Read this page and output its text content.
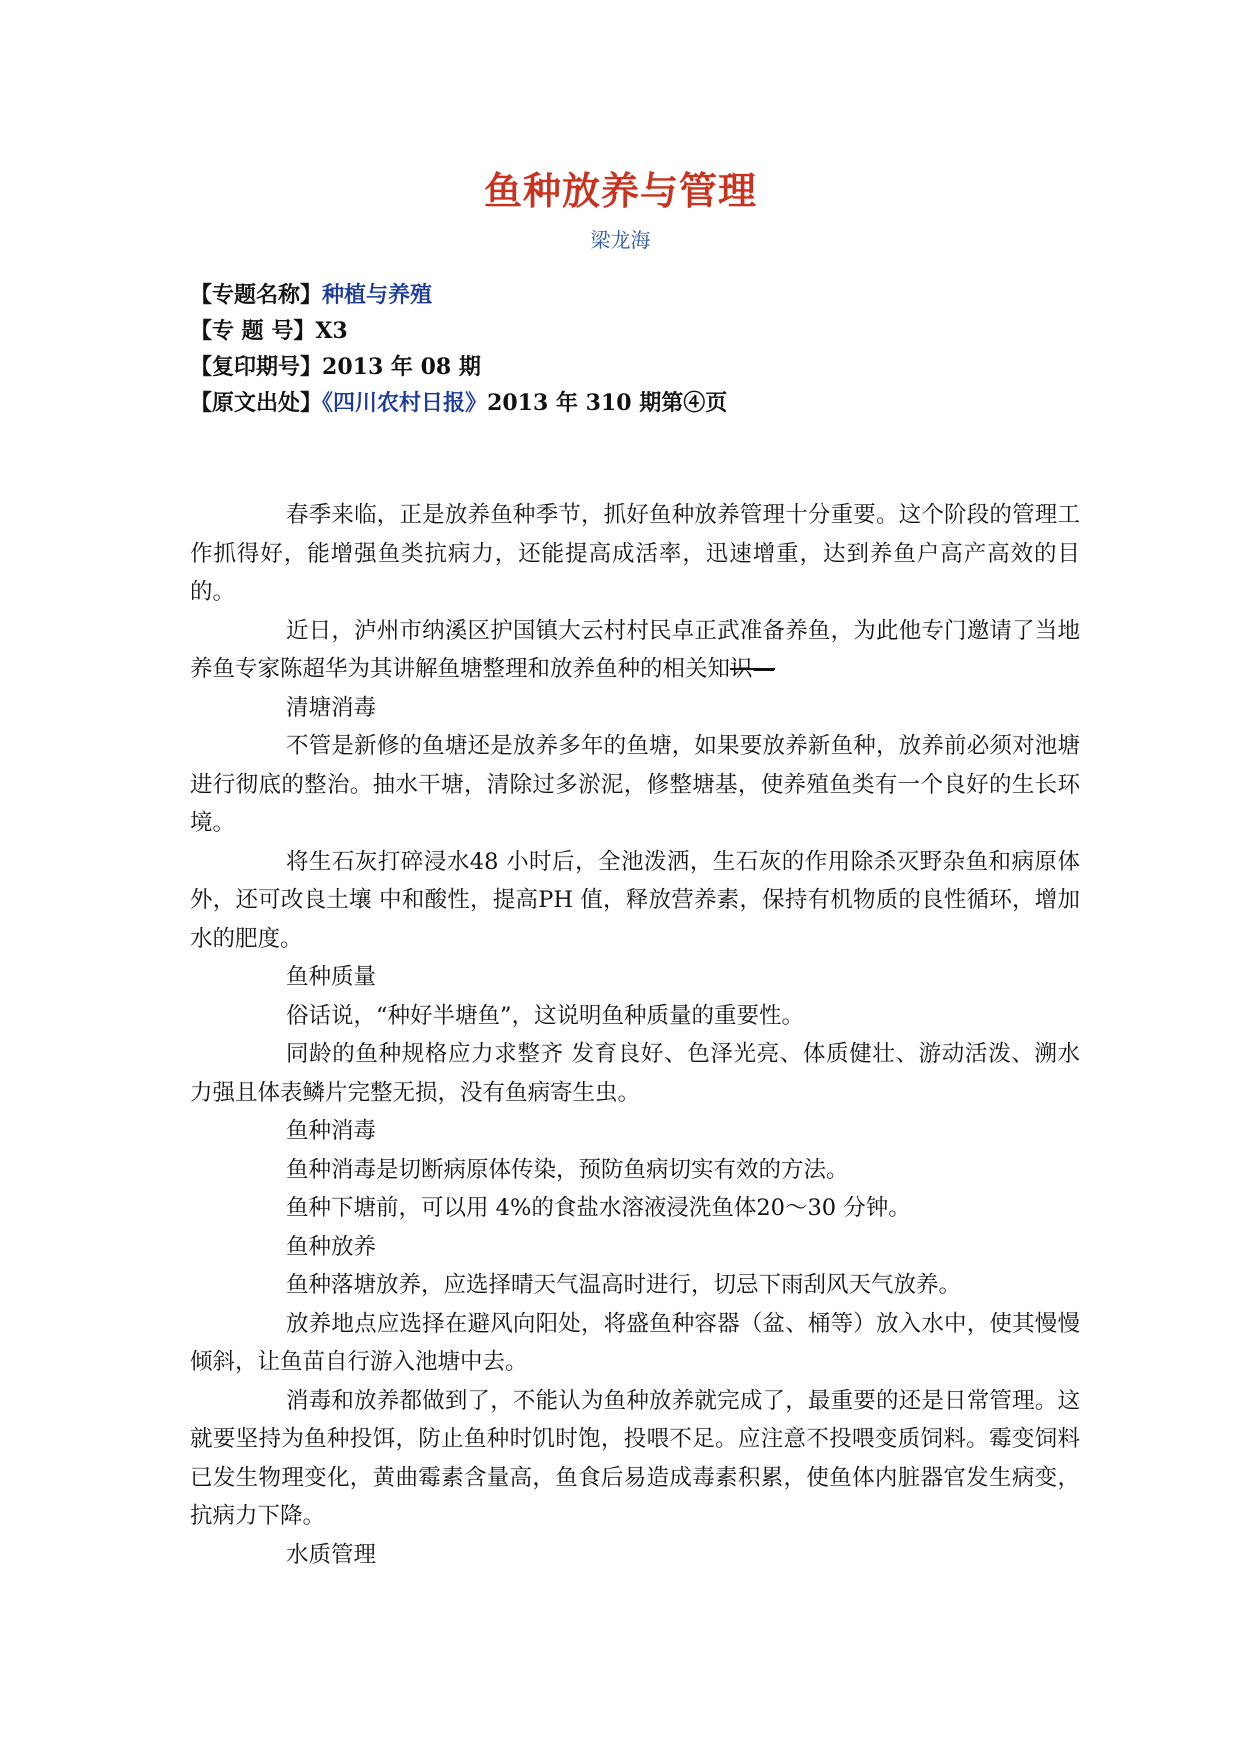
鱼种放养与管理
梁龙海
【专题名称】种植与养殖
【专 题 号】X3
【复印期号】2013 年 08 期
【原文出处】《四川农村日报》2013 年 310 期第④页

春季来临，正是放养鱼种季节，抓好鱼种放养管理十分重要。这个阶段的管理工作抓得好，能增强鱼类抗病力，还能提高成活率，迅速增重，达到养鱼户高产高效的目的。

近日，泸州市纳溪区护国镇大云村村民卓正武准备养鱼，为此他专门邀请了当地养鱼专家陈超华为其讲解鱼塘整理和放养鱼种的相关知识—

清塘消毒

不管是新修的鱼塘还是放养多年的鱼塘，如果要放养新鱼种，放养前必须对池塘进行彻底的整治。抽水干塘，清除过多淤泥，修整塘基，使养殖鱼类有一个良好的生长环境。

将生石灰打碎浸水48 小时后，全池泼洒，生石灰的作用除杀灭野杂鱼和病原体外，还可改良土壤 中和酸性，提高PH 值，释放营养素，保持有机物质的良性循环，增加水的肥度。

鱼种质量

俗话说，“种好半塘鱼”，这说明鱼种质量的重要性。

同龄的鱼种规格应力求整齐 发育良好、色泽光亮、体质健壮、游动活泼、溯水力强且体表鳞片完整无损，没有鱼病寄生虫。

鱼种消毒

鱼种消毒是切断病原体传染，预防鱼病切实有效的方法。

鱼种下塘前，可以用 4%的食盐水溶液浸洗鱼体20～30 分钟。

鱼种放养

鱼种落塘放养，应选择晴天气温高时进行，切忌下雨刮风天气放养。

放养地点应选择在避风向阳处，将盛鱼种容器（盆、桶等）放入水中，使其慢慢倾斜，让鱼苗自行游入池塘中去。

消毒和放养都做到了，不能认为鱼种放养就完成了，最重要的还是日常管理。这就要坚持为鱼种投饵，防止鱼种时饥时饱，投喂不足。应注意不投喂变质饲料。霉变饲料已发生物理变化，黄曲霉素含量高，鱼食后易造成毒素积累，使鱼体内脏器官发生病变，抗病力下降。

水质管理
